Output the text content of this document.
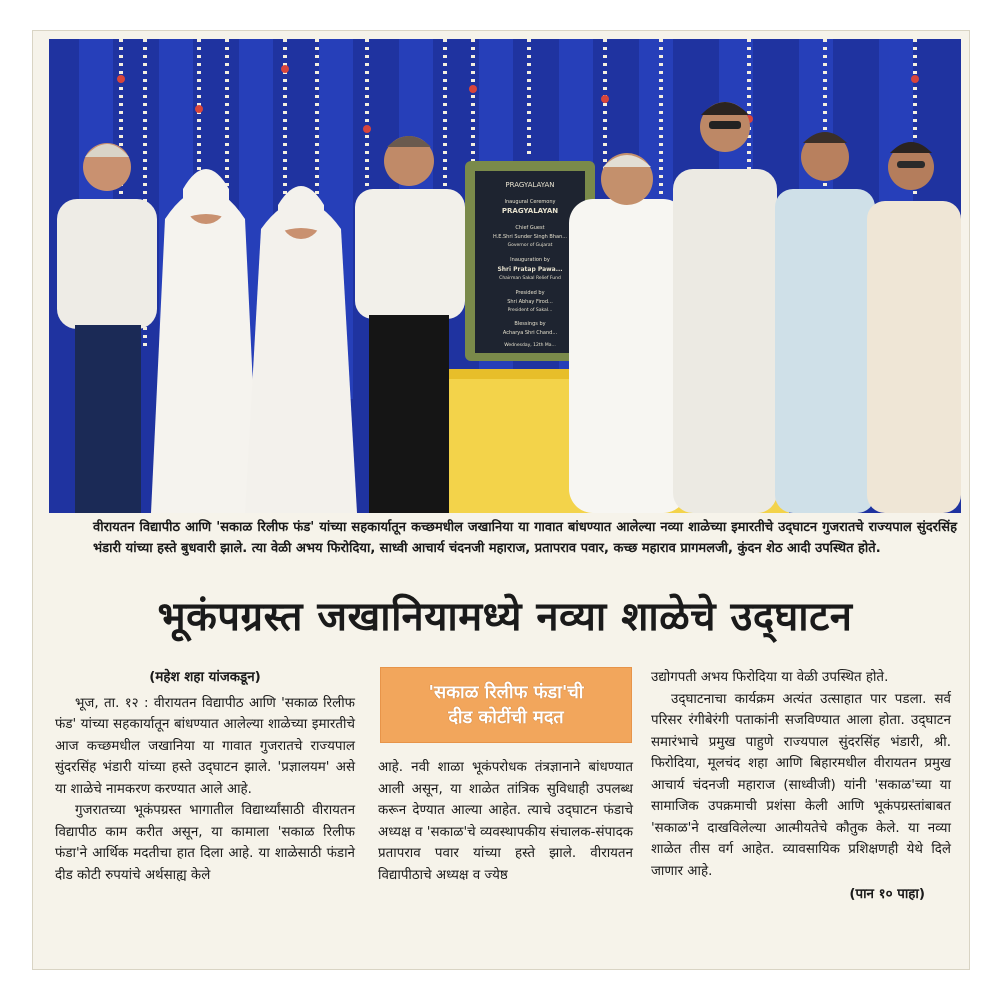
PRAGYALAYAN
Inaugural Ceremony
PRAGYALAYAN
Chief Guest
H.E.Shri Sunder Singh Bhan...
Governor of Gujarat
Inauguration by
Shri Pratap Pawa...
Chairman Sakal Relief Fund
Presided by
Shri Abhay Firod...
President of Sakal...
Blessings by
Acharya Shri Chand...
Wednesday, 12th Ma...
वीरायतन विद्यापीठ आणि 'सकाळ रिलीफ फंड' यांच्या सहकार्यातून कच्छमधील जखानिया या गावात बांधण्यात आलेल्या नव्या शाळेच्या इमारतीचे उद्‌घाटन गुजरातचे राज्यपाल सुंदरसिंह भंडारी यांच्या हस्ते बुधवारी झाले. त्या वेळी अभय फिरोदिया, साध्वी आचार्य चंदनजी महाराज, प्रतापराव पवार, कच्छ महाराव प्रागमलजी, कुंदन शेठ आदी उपस्थित होते.
भूकंपग्रस्त जखानियामध्ये नव्या शाळेचे उद्‌घाटन

(महेश शहा यांजकडून)

भूज, ता. १२ : वीरायतन विद्यापीठ आणि 'सकाळ रिलीफ फंड' यांच्या सहकार्यातून बांधण्यात आलेल्या शाळेच्या इमारतीचे आज कच्छमधील जखानिया या गावात गुजरातचे राज्यपाल सुंदरसिंह भंडारी यांच्या हस्ते उद्‌घाटन झाले. 'प्रज्ञालयम' असे या शाळेचे नामकरण करण्यात आले आहे.

गुजरातच्या भूकंपग्रस्त भागातील विद्यार्थ्यांसाठी वीरायतन विद्यापीठ काम करीत असून, या कामाला 'सकाळ रिलीफ फंडा'ने आर्थिक मदतीचा हात दिला आहे. या शाळेसाठी फंडाने दीड कोटी रुपयांचे अर्थसाह्य केले

'सकाळ रिलीफ फंडा'ची
दीड कोटींची मदत

आहे. नवी शाळा भूकंपरोधक तंत्रज्ञानाने बांधण्यात आली असून, या शाळेत तांत्रिक सुविधाही उपलब्ध करून देण्यात आल्या आहेत. त्याचे उद्‌घाटन फंडाचे अध्यक्ष व 'सकाळ'चे व्यवस्थापकीय संचालक-संपादक प्रतापराव पवार यांच्या हस्ते झाले. वीरायतन विद्यापीठाचे अध्यक्ष व ज्येष्ठ

उद्योगपती अभय फिरोदिया या वेळी उपस्थित होते.

उद्‌घाटनाचा कार्यक्रम अत्यंत उत्साहात पार पडला. सर्व परिसर रंगीबेरंगी पताकांनी सजविण्यात आला होता. उद्‌घाटन समारंभाचे प्रमुख पाहुणे राज्यपाल सुंदरसिंह भंडारी, श्री. फिरोदिया, मूलचंद शहा आणि बिहारमधील वीरायतन प्रमुख आचार्य चंदनजी महाराज (साध्वीजी) यांनी 'सकाळ'च्या या सामाजिक उपक्रमाची प्रशंसा केली आणि भूकंपग्रस्तांबाबत 'सकाळ'ने दाखविलेल्या आत्मीयतेचे कौतुक केले. या नव्या शाळेत तीस वर्ग आहेत. व्यावसायिक प्रशिक्षणही येथे दिले जाणार आहे.

(पान १० पाहा)
